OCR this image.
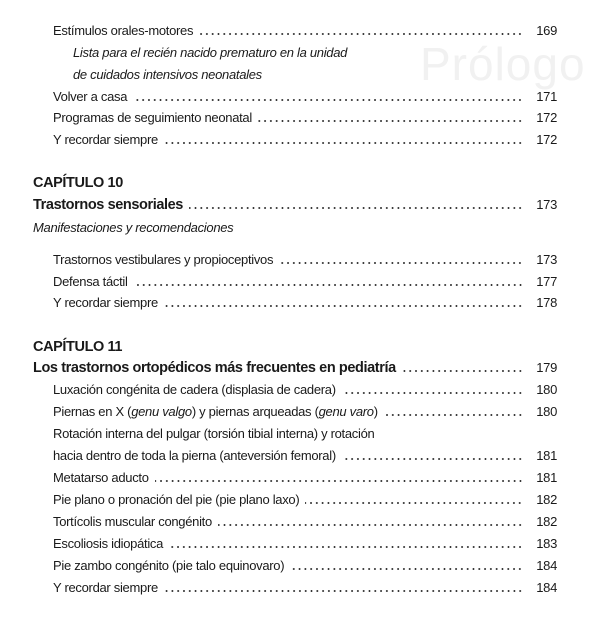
Prólogo
Estímulos orales-motores	169
Lista para el recién nacido prematuro en la unidad
de cuidados intensivos neonatales
Volver a casa	171
Programas de seguimiento neonatal	172
Y recordar siempre	172
CAPÍTULO 10
Trastornos sensoriales	173
Manifestaciones y recomendaciones
Trastornos vestibulares y propioceptivos	173
Defensa táctil	177
Y recordar siempre	178
CAPÍTULO 11
Los trastornos ortopédicos más frecuentes en pediatría	179
Luxación congénita de cadera (displasia de cadera)	180
Piernas en X (genu valgo) y piernas arqueadas (genu varo)	180
Rotación interna del pulgar (torsión tibial interna) y rotación
hacia dentro de toda la pierna (anteversión femoral)	181
Metatarso aducto	181
Pie plano o pronación del pie (pie plano laxo)	182
Tortícolis muscular congénito	182
Escoliosis idiopática	183
Pie zambo congénito (pie talo equinovaro)	184
Y recordar siempre	184
